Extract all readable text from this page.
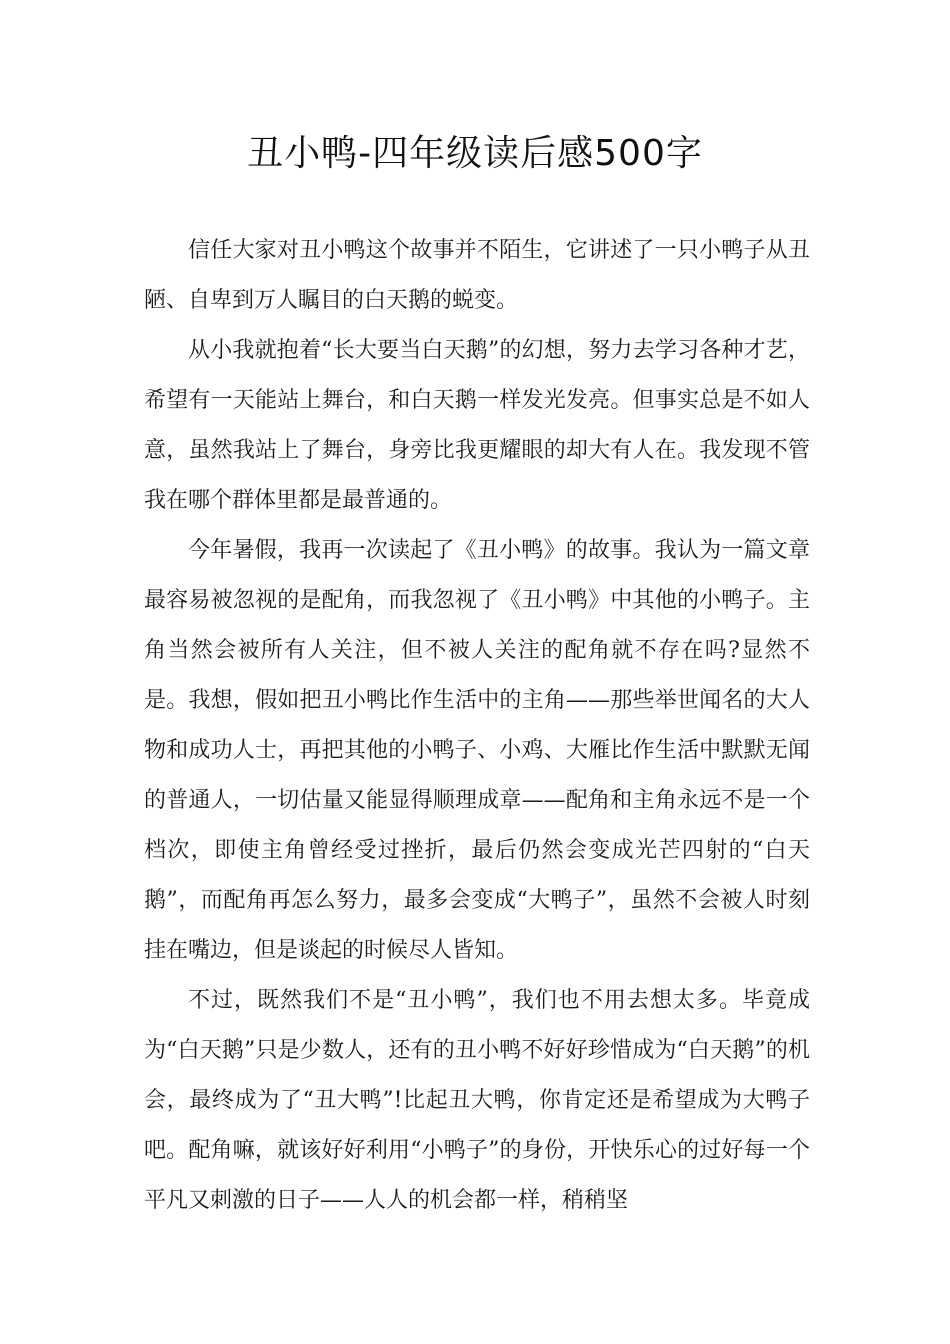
丑小鸭-四年级读后感500字

信任大家对丑小鸭这个故事并不陌生，它讲述了一只小鸭子从丑陋、自卑到万人瞩目的白天鹅的蜕变。

从小我就抱着“长大要当白天鹅”的幻想，努力去学习各种才艺，希望有一天能站上舞台，和白天鹅一样发光发亮。但事实总是不如人意，虽然我站上了舞台，身旁比我更耀眼的却大有人在。我发现不管我在哪个群体里都是最普通的。

今年暑假，我再一次读起了《丑小鸭》的故事。我认为一篇文章最容易被忽视的是配角，而我忽视了《丑小鸭》中其他的小鸭子。主角当然会被所有人关注，但不被人关注的配角就不存在吗?显然不是。我想，假如把丑小鸭比作生活中的主角——那些举世闻名的大人物和成功人士，再把其他的小鸭子、小鸡、大雁比作生活中默默无闻的普通人，一切估量又能显得顺理成章——配角和主角永远不是一个档次，即使主角曾经受过挫折，最后仍然会变成光芒四射的“白天鹅”，而配角再怎么努力，最多会变成“大鸭子”，虽然不会被人时刻挂在嘴边，但是谈起的时候尽人皆知。

不过，既然我们不是“丑小鸭”，我们也不用去想太多。毕竟成为“白天鹅”只是少数人，还有的丑小鸭不好好珍惜成为“白天鹅”的机会，最终成为了“丑大鸭”!比起丑大鸭，你肯定还是希望成为大鸭子吧。配角嘛，就该好好利用“小鸭子”的身份，开快乐心的过好每一个平凡又刺激的日子——人人的机会都一样，稍稍坚
